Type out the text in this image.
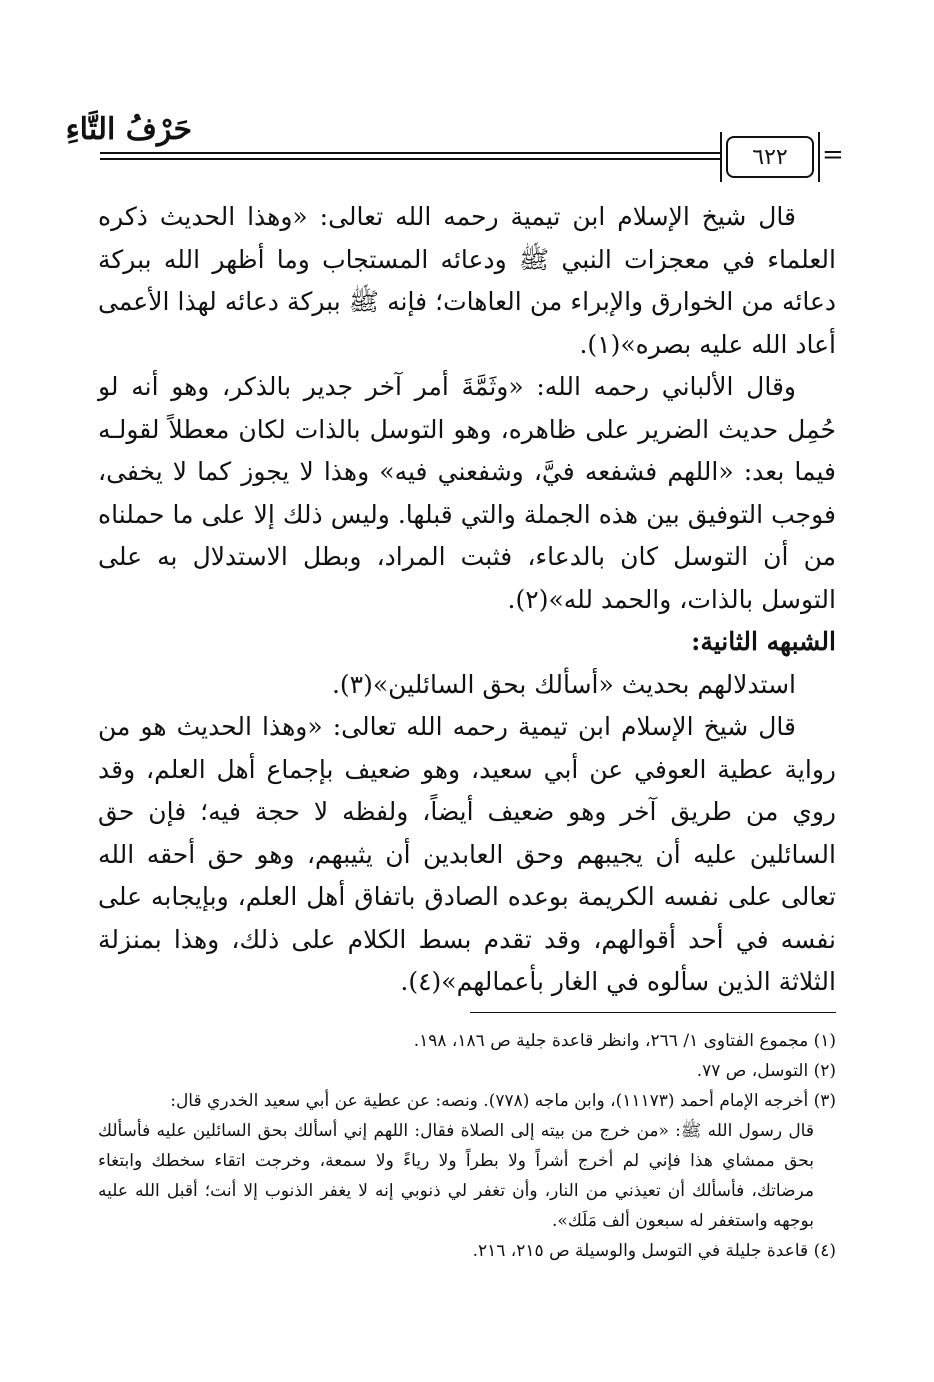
حَرْفُ التَّاءِ
٦٢٢ =

قال شيخ الإسلام ابن تيمية رحمه الله تعالى: «وهذا الحديث ذكره العلماء في معجزات النبي ﷺ ودعائه المستجاب وما أظهر الله ببركة دعائه من الخوارق والإبراء من العاهات؛ فإنه ﷺ ببركة دعائه لهذا الأعمى أعاد الله عليه بصره»(١).

وقال الألباني رحمه الله: «وثَمَّةَ أمر آخر جدير بالذكر، وهو أنه لو حُمِل حديث الضرير على ظاهره، وهو التوسل بالذات لكان معطلاً لقولـه فيما بعد: «اللهم فشفعه فيَّ، وشفعني فيه» وهذا لا يجوز كما لا يخفى، فوجب التوفيق بين هذه الجملة والتي قبلها. وليس ذلك إلا على ما حملناه من أن التوسل كان بالدعاء، فثبت المراد، وبطل الاستدلال به على التوسل بالذات، والحمد لله»(٢).

الشبهه الثانية:

استدلالهم بحديث «أسألك بحق السائلين»(٣).

قال شيخ الإسلام ابن تيمية رحمه الله تعالى: «وهذا الحديث هو من رواية عطية العوفي عن أبي سعيد، وهو ضعيف بإجماع أهل العلم، وقد روي من طريق آخر وهو ضعيف أيضاً، ولفظه لا حجة فيه؛ فإن حق السائلين عليه أن يجيبهم وحق العابدين أن يثيبهم، وهو حق أحقه الله تعالى على نفسه الكريمة بوعده الصادق باتفاق أهل العلم، وبإيجابه على نفسه في أحد أقوالهم، وقد تقدم بسط الكلام على ذلك، وهذا بمنزلة الثلاثة الذين سألوه في الغار بأعمالهم»(٤).

(١) مجموع الفتاوى ١/ ٢٦٦، وانظر قاعدة جلية ص ١٨٦، ١٩٨.

(٢) التوسل، ص ٧٧.

(٣) أخرجه الإمام أحمد (١١١٧٣)، وابن ماجه (٧٧٨). ونصه: عن عطية عن أبي سعيد الخدري قال:

قال رسول الله ﷺ: «من خرج من بيته إلى الصلاة فقال: اللهم إني أسألك بحق السائلين عليه فأسألك بحق ممشاي هذا فإني لم أخرج أشراً ولا بطراً ولا رياءً ولا سمعة، وخرجت اتقاء سخطك وابتغاء مرضاتك، فأسألك أن تعيذني من النار، وأن تغفر لي ذنوبي إنه لا يغفر الذنوب إلا أنت؛ أقبل الله عليه بوجهه واستغفر له سبعون ألف مَلَك».

(٤) قاعدة جليلة في التوسل والوسيلة ص ٢١٥، ٢١٦.
